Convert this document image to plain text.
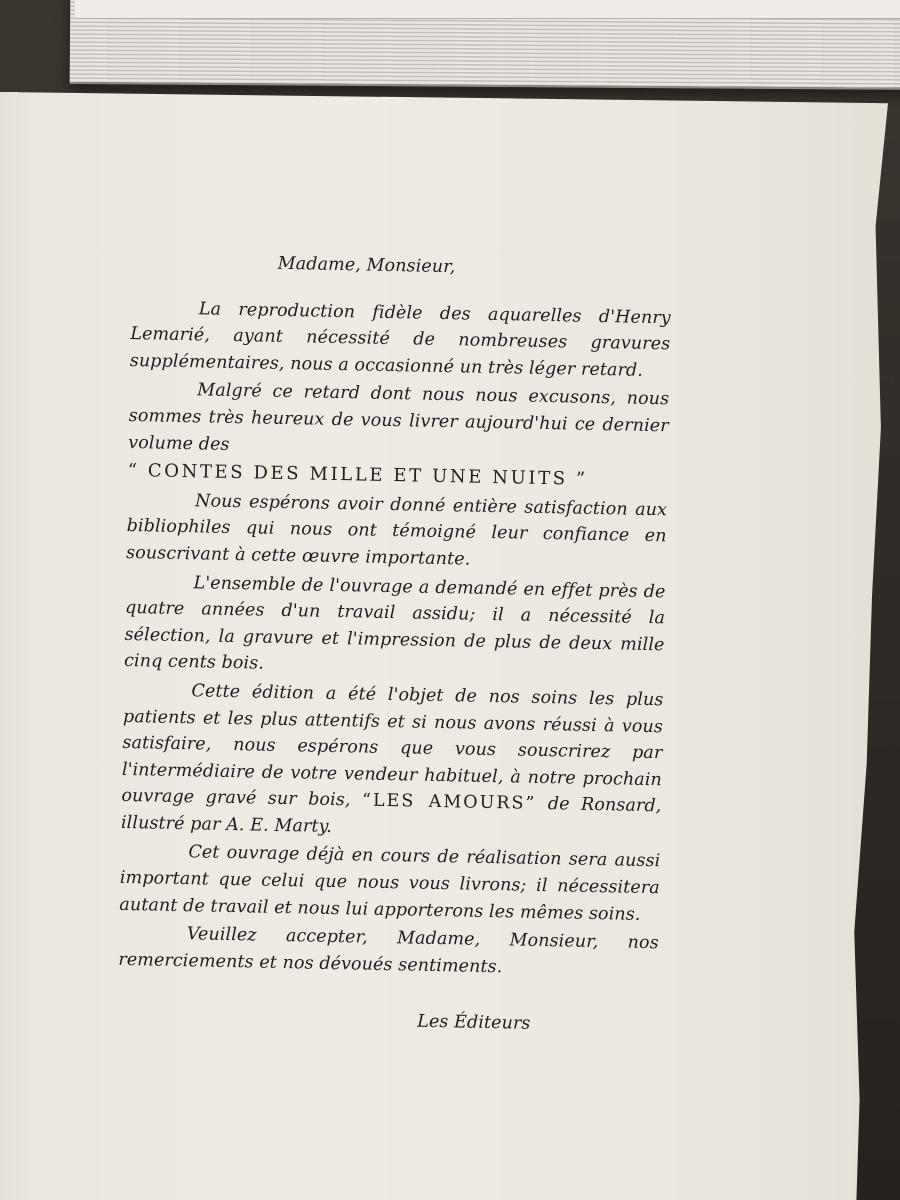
Madame, Monsieur,

La reproduction fidèle des aquarelles d'Henry Lemarié, ayant nécessité de nombreuses gravures supplémentaires, nous a occasionné un très léger retard.

Malgré ce retard dont nous nous excusons, nous sommes très heureux de vous livrer aujourd'hui ce dernier volume des
“ CONTES DES MILLE ET UNE NUITS ”

Nous espérons avoir donné entière satisfaction aux bibliophiles qui nous ont témoigné leur confiance en souscrivant à cette œuvre importante.

L'ensemble de l'ouvrage a demandé en effet près de quatre années d'un travail assidu; il a nécessité la sélection, la gravure et l'impression de plus de deux mille cinq cents bois.

Cette édition a été l'objet de nos soins les plus patients et les plus attentifs et si nous avons réussi à vous satisfaire, nous espérons que vous souscrirez par l'intermédiaire de votre vendeur habituel, à notre prochain ouvrage gravé sur bois, “LES AMOURS” de Ronsard, illustré par A. E. Marty.

Cet ouvrage déjà en cours de réalisation sera aussi important que celui que nous vous livrons; il nécessitera autant de travail et nous lui apporterons les mêmes soins.

Veuillez accepter, Madame, Monsieur, nos remerciements et nos dévoués sentiments.

Les Éditeurs
